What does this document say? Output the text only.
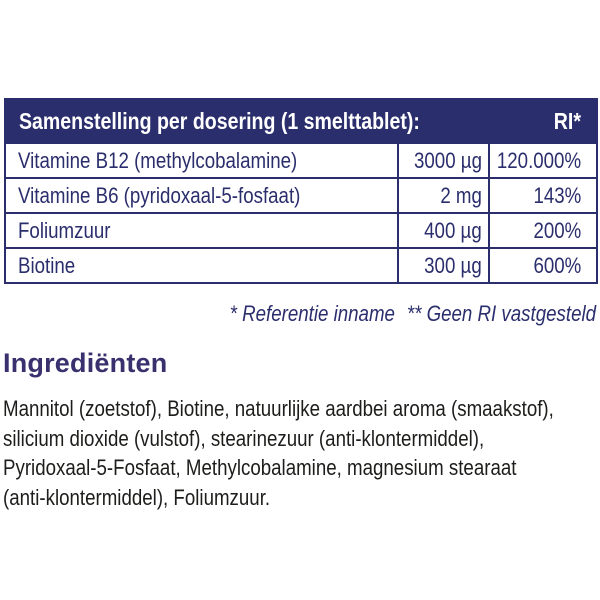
Samenstelling per dosering (1 smelttablet):	RI*
Vitamine B12 (methylcobalamine)	3000 µg 120.000%
Vitamine B6 (pyridoxaal-5-fosfaat)	2 mg 143%
Foliumzuur	400 µg 200%
Biotine	300 µg 600%
* Referentie inname ** Geen RI vastgesteld
Ingrediënten
Mannitol (zoetstof), Biotine, natuurlijke aardbei aroma (smaakstof),
silicium dioxide (vulstof), stearinezuur (anti-klontermiddel),
Pyridoxaal-5-Fosfaat, Methylcobalamine, magnesium stearaat
(anti-klontermiddel), Foliumzuur.
